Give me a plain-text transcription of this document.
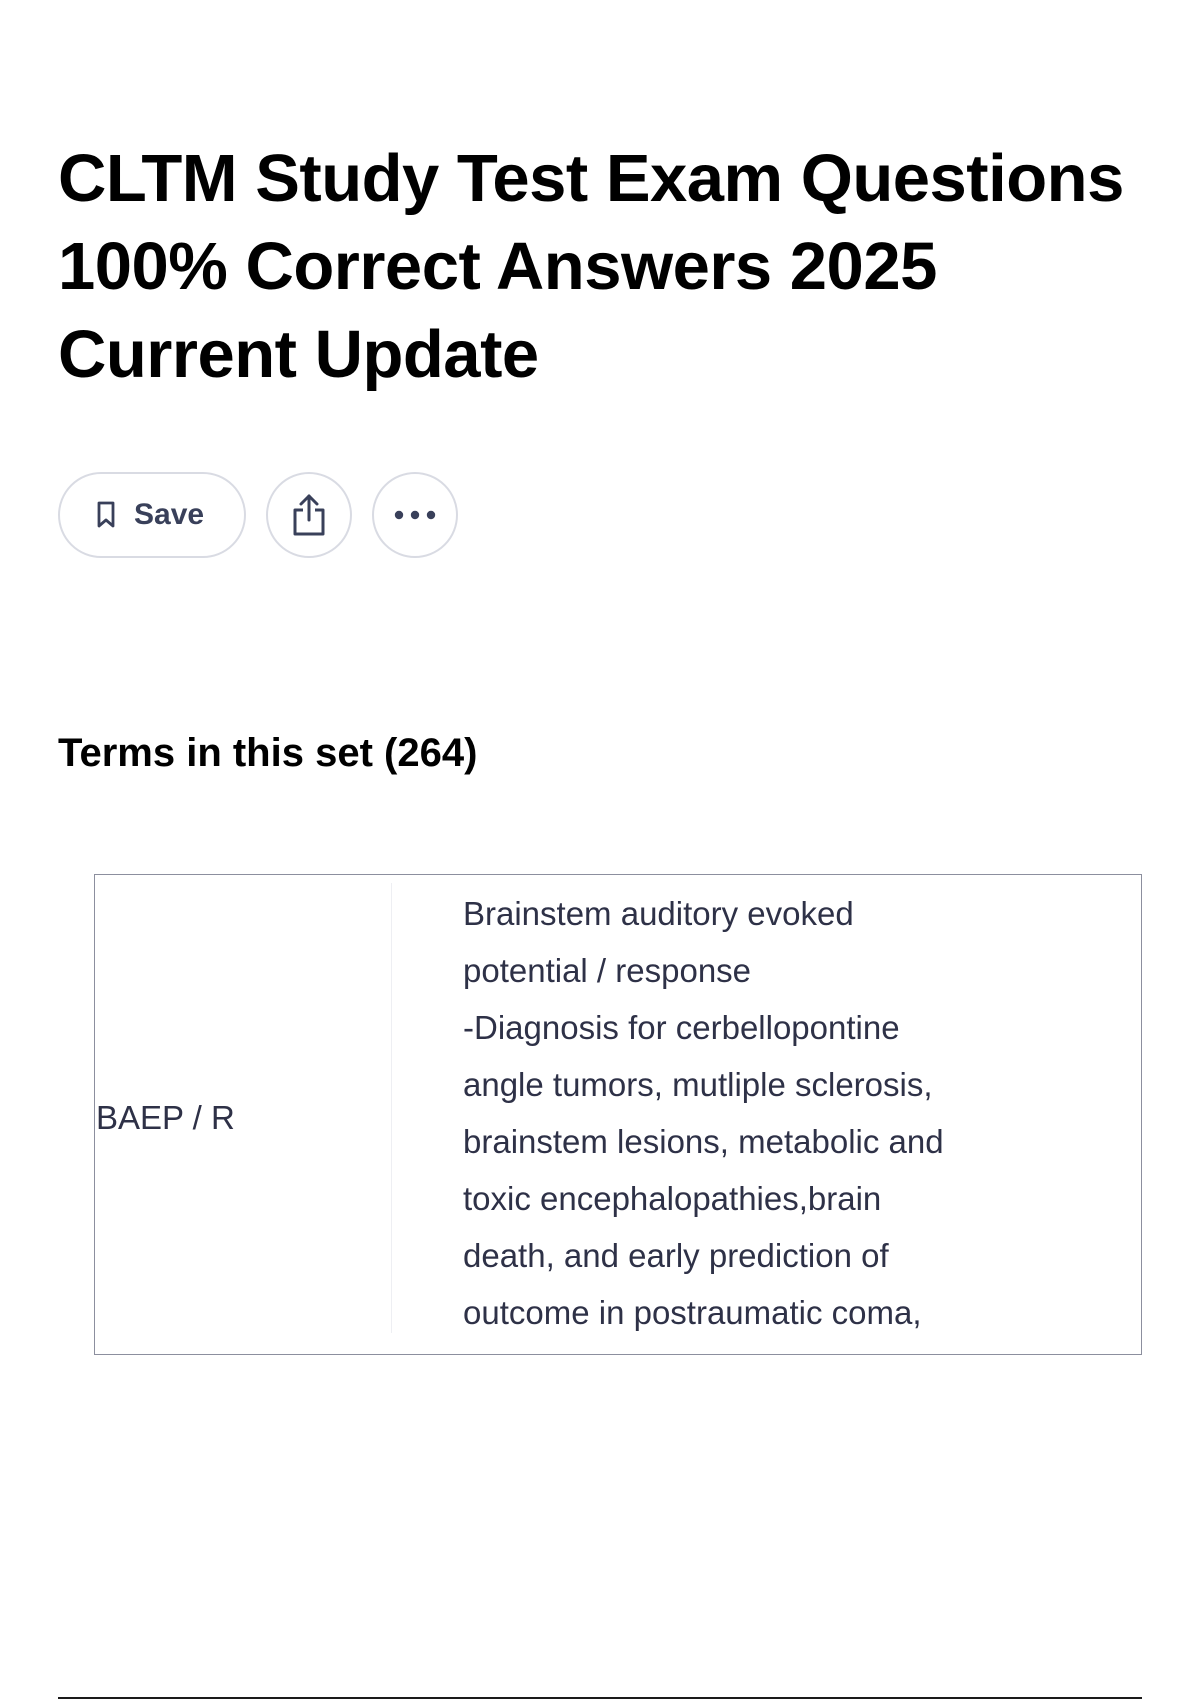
CLTM Study Test Exam Questions
100% Correct Answers 2025
Current Update
Save
Terms in this set (264)
BAEP / R
Brainstem auditory evoked
potential / response
-Diagnosis for cerbellopontine
angle tumors, mutliple sclerosis,
brainstem lesions, metabolic and
toxic encephalopathies,brain
death, and early prediction of
outcome in postraumatic coma,
